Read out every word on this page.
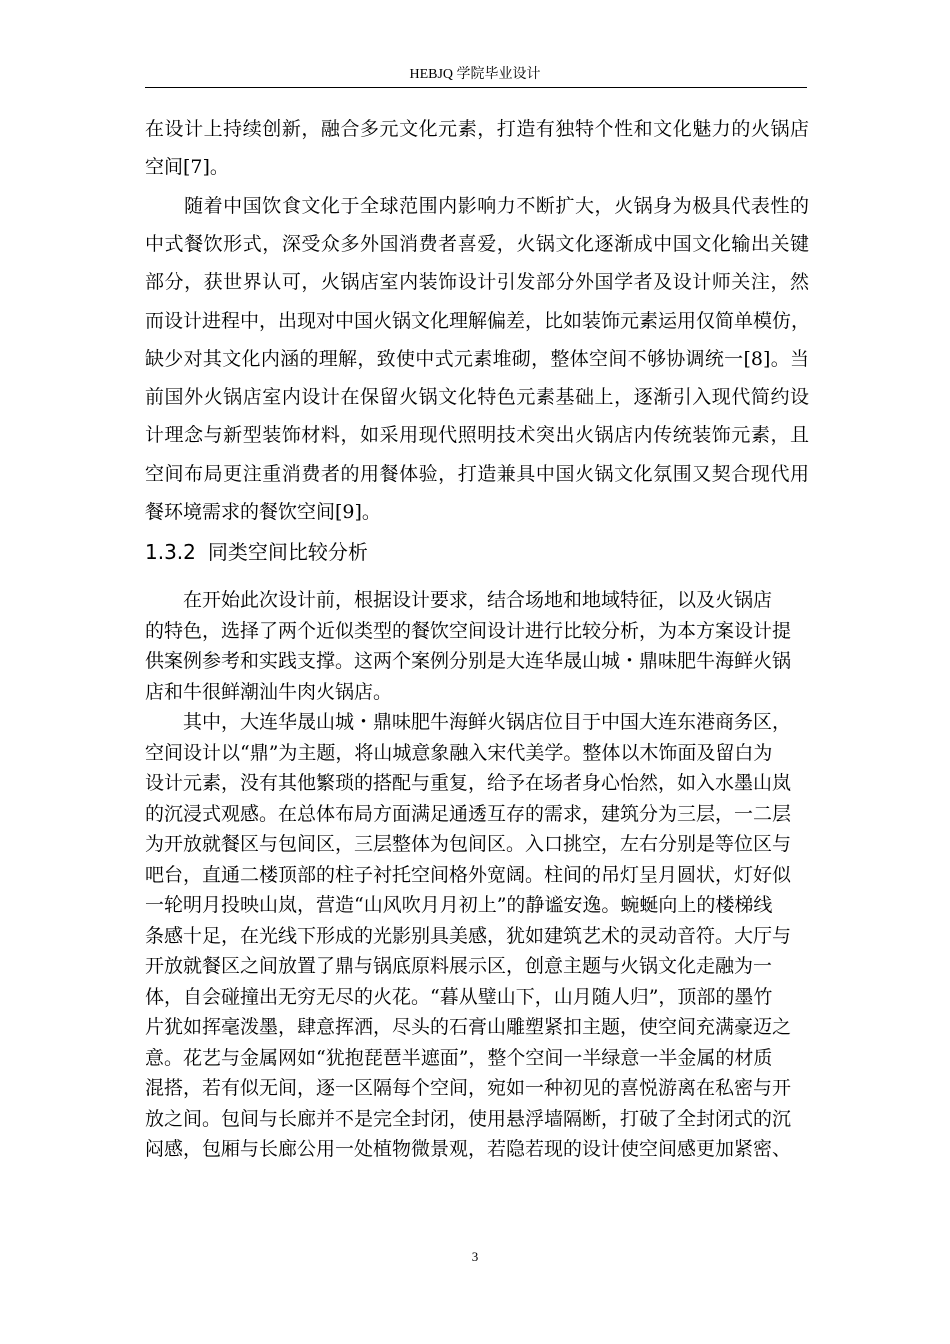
HEBJQ 学院毕业设计
在设计上持续创新，融合多元文化元素，打造有独特个性和文化魅力的火锅店
空间[7]。
　　随着中国饮食文化于全球范围内影响力不断扩大，火锅身为极具代表性的
中式餐饮形式，深受众多外国消费者喜爱，火锅文化逐渐成中国文化输出关键
部分，获世界认可，火锅店室内装饰设计引发部分外国学者及设计师关注，然
而设计进程中，出现对中国火锅文化理解偏差，比如装饰元素运用仅简单模仿，
缺少对其文化内涵的理解，致使中式元素堆砌，整体空间不够协调统一[8]。当
前国外火锅店室内设计在保留火锅文化特色元素基础上，逐渐引入现代简约设
计理念与新型装饰材料，如采用现代照明技术突出火锅店内传统装饰元素，且
空间布局更注重消费者的用餐体验，打造兼具中国火锅文化氛围又契合现代用
餐环境需求的餐饮空间[9]。
1.3.2 同类空间比较分析
　　在开始此次设计前，根据设计要求，结合场地和地域特征，以及火锅店
的特色，选择了两个近似类型的餐饮空间设计进行比较分析，为本方案设计提
供案例参考和实践支撑。这两个案例分别是大连华晟山城・鼎味肥牛海鲜火锅
店和牛很鲜潮汕牛肉火锅店。
　　其中，大连华晟山城・鼎味肥牛海鲜火锅店位目于中国大连东港商务区，
空间设计以“鼎”为主题，将山城意象融入宋代美学。整体以木饰面及留白为
设计元素，没有其他繁琐的搭配与重复，给予在场者身心怡然，如入水墨山岚
的沉浸式观感。在总体布局方面满足通透互存的需求，建筑分为三层，一二层
为开放就餐区与包间区，三层整体为包间区。入口挑空，左右分别是等位区与
吧台，直通二楼顶部的柱子衬托空间格外宽阔。柱间的吊灯呈月圆状，灯好似
一轮明月投映山岚，营造“山风吹月月初上”的静谧安逸。蜿蜒向上的楼梯线
条感十足，在光线下形成的光影别具美感，犹如建筑艺术的灵动音符。大厅与
开放就餐区之间放置了鼎与锅底原料展示区，创意主题与火锅文化走融为一
体，自会碰撞出无穷无尽的火花。“暮从璧山下，山月随人归”，顶部的墨竹
片犹如挥毫泼墨，肆意挥洒，尽头的石膏山雕塑紧扣主题，使空间充满豪迈之
意。花艺与金属网如“犹抱琵琶半遮面”，整个空间一半绿意一半金属的材质
混搭，若有似无间，逐一区隔每个空间，宛如一种初见的喜悦游离在私密与开
放之间。包间与长廊并不是完全封闭，使用悬浮墙隔断，打破了全封闭式的沉
闷感，包厢与长廊公用一处植物微景观，若隐若现的设计使空间感更加紧密、
3
